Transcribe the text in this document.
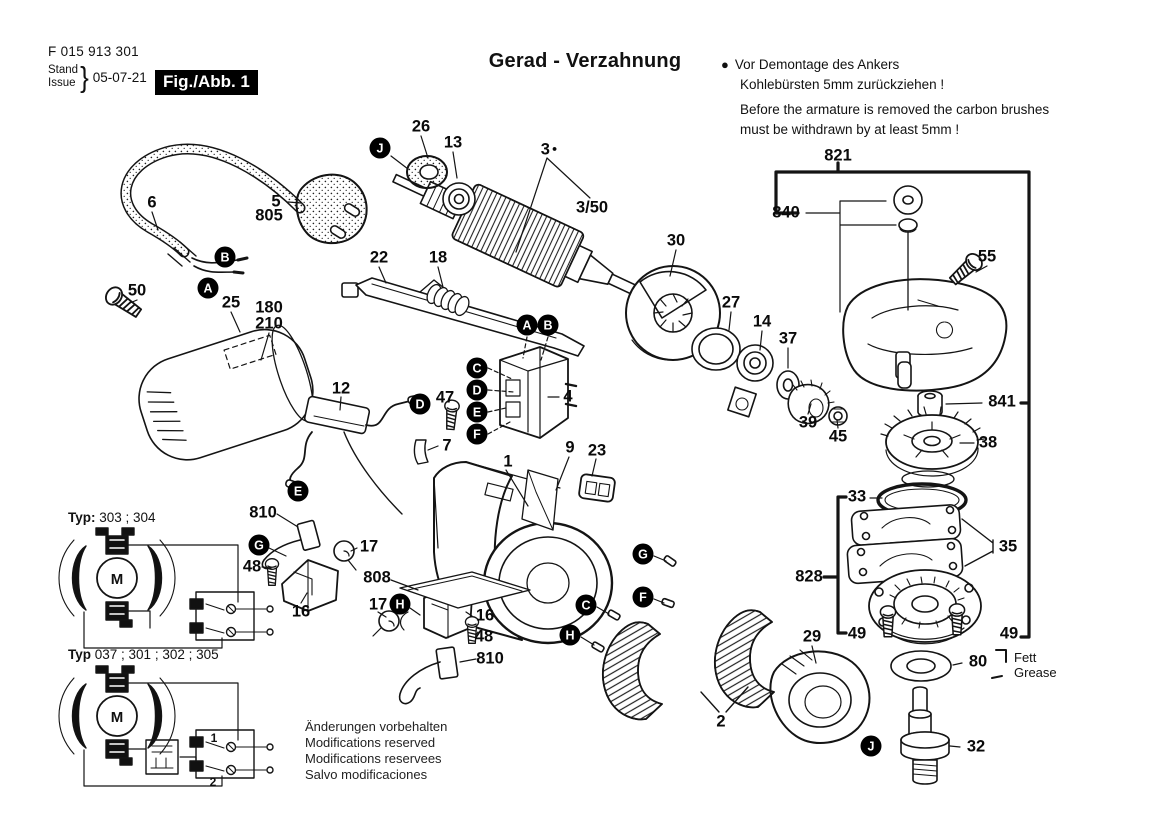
M
M
1
2
F 015 913 301
Stand
Issue } 05-07-21 Fig./Abb. 1
Gerad - Verzahnung	● Vor Demontage des Ankers
Kohlebürsten 5mm zurückziehen !
Before the armature is removed the carbon brushes
must be withdrawn by at least 5mm !
Typ: 303 ; 304
Typ 037 ; 301 ; 302 ; 305
Änderungen vorbehalten
Modifications reserved
Modifications reservees
Salvo modificaciones
Fett
Grease
26
13	3 ●
3/50
821
840
55
6	5
805
50
25 180
210
22 18
30
27
14
37
39
45
841
38
33
35
828
49	49
80
32
29
12	47
7
4
1
9 23
810
17
48
16
808
17
16
48
810
2
J
B
A
A B
C
D
E
F
D
E
G
H
G
F
C
H
J
